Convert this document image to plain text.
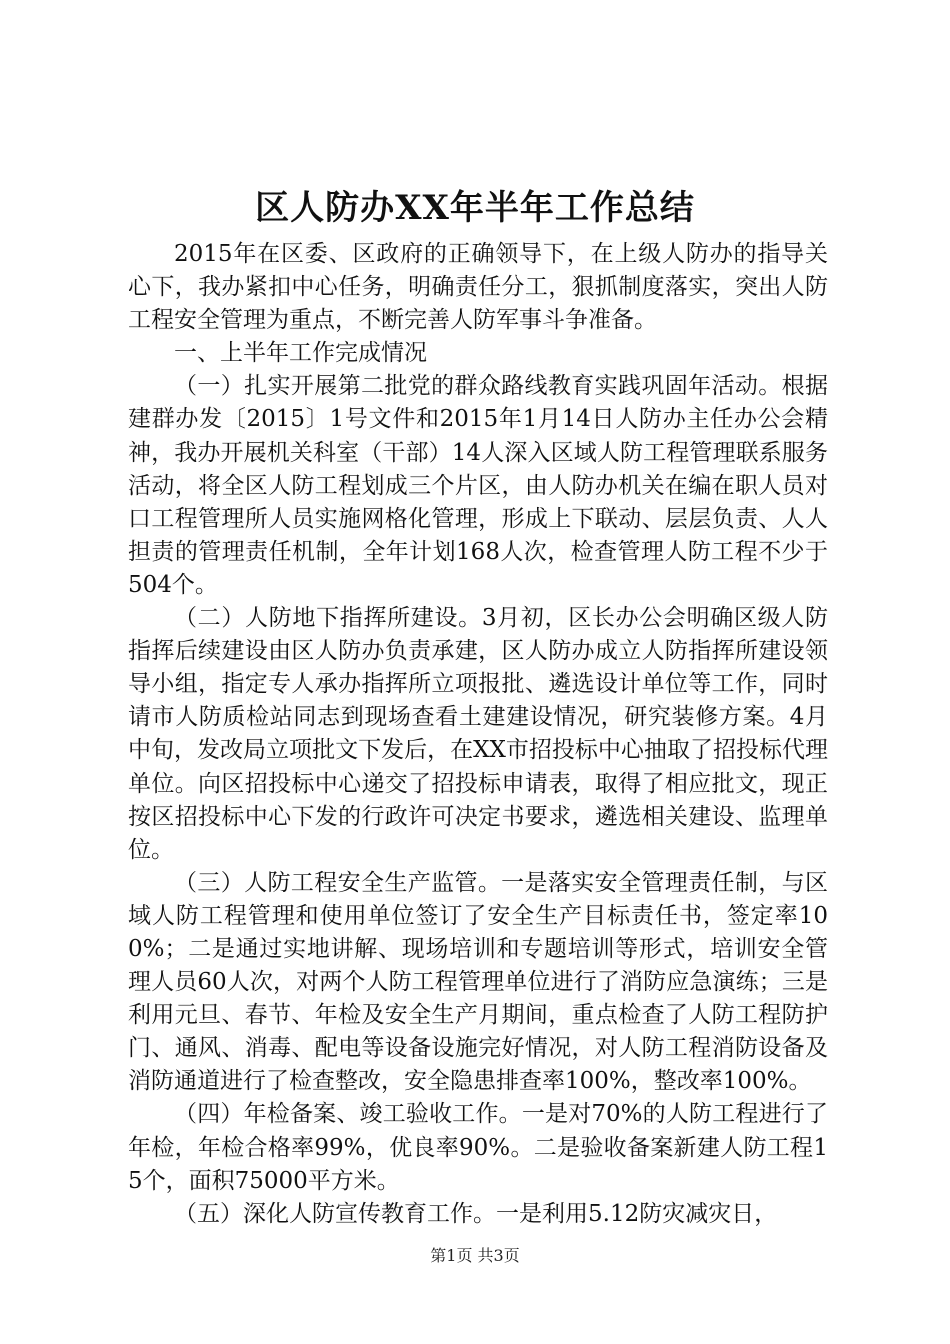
区人防办XX年半年工作总结

2015年在区委、区政府的正确领导下，在上级人防办的指导关心下，我办紧扣中心任务，明确责任分工，狠抓制度落实，突出人防工程安全管理为重点，不断完善人防军事斗争准备。

一、上半年工作完成情况

（一）扎实开展第二批党的群众路线教育实践巩固年活动。根据建群办发〔2015〕1号文件和2015年1月14日人防办主任办公会精神，我办开展机关科室（干部）14人深入区域人防工程管理联系服务活动，将全区人防工程划成三个片区，由人防办机关在编在职人员对口工程管理所人员实施网格化管理，形成上下联动、层层负责、人人担责的管理责任机制，全年计划168人次，检查管理人防工程不少于504个。

（二）人防地下指挥所建设。3月初，区长办公会明确区级人防指挥后续建设由区人防办负责承建，区人防办成立人防指挥所建设领导小组，指定专人承办指挥所立项报批、遴选设计单位等工作，同时请市人防质检站同志到现场查看土建建设情况，研究装修方案。4月中旬，发改局立项批文下发后，在XX市招投标中心抽取了招投标代理单位。向区招投标中心递交了招投标申请表，取得了相应批文，现正按区招投标中心下发的行政许可决定书要求，遴选相关建设、监理单位。

（三）人防工程安全生产监管。一是落实安全管理责任制，与区域人防工程管理和使用单位签订了安全生产目标责任书，签定率100%；二是通过实地讲解、现场培训和专题培训等形式，培训安全管理人员60人次，对两个人防工程管理单位进行了消防应急演练；三是利用元旦、春节、年检及安全生产月期间，重点检查了人防工程防护门、通风、消毒、配电等设备设施完好情况，对人防工程消防设备及消防通道进行了检查整改，安全隐患排查率100%，整改率100%。

（四）年检备案、竣工验收工作。一是对70%的人防工程进行了年检，年检合格率99%，优良率90%。二是验收备案新建人防工程15个，面积75000平方米。

（五）深化人防宣传教育工作。一是利用5.12防灾减灾日，

第1页 共3页
